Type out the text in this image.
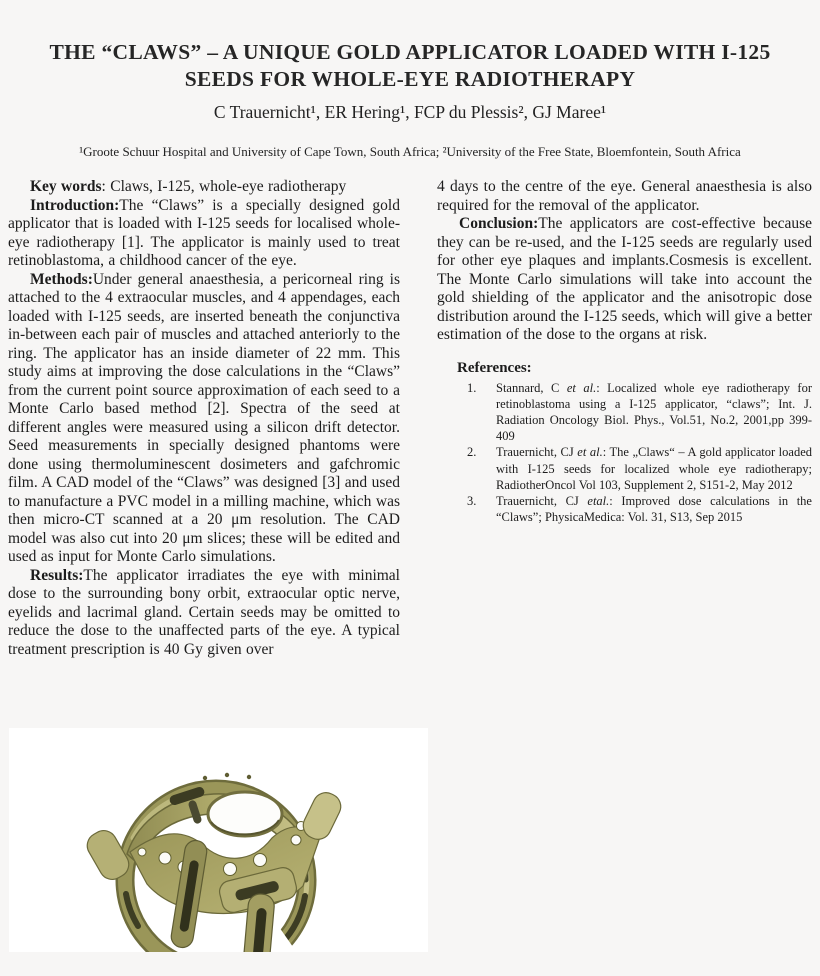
THE “CLAWS” – A UNIQUE GOLD APPLICATOR LOADED WITH I-125
SEEDS FOR WHOLE-EYE RADIOTHERAPY
C Trauernicht¹, ER Hering¹, FCP du Plessis², GJ Maree¹
¹Groote Schuur Hospital and University of Cape Town, South Africa; ²University of the Free State, Bloemfontein, South Africa

Key words: Claws, I-125, whole-eye radiotherapy

Introduction:The “Claws” is a specially designed gold applicator that is loaded with I-125 seeds for localised whole-eye radiotherapy [1]. The applicator is mainly used to treat retinoblastoma, a childhood cancer of the eye.

Methods:Under general anaesthesia, a pericorneal ring is attached to the 4 extraocular muscles, and 4 appendages, each loaded with I-125 seeds, are inserted beneath the conjunctiva in-between each pair of muscles and attached anteriorly to the ring. The applicator has an inside diameter of 22 mm. This study aims at improving the dose calculations in the “Claws” from the current point source approximation of each seed to a Monte Carlo based method [2]. Spectra of the seed at different angles were measured using a silicon drift detector. Seed measurements in specially designed phantoms were done using thermoluminescent dosimeters and gafchromic film. A CAD model of the “Claws” was designed [3] and used to manufacture a PVC model in a milling machine, which was then micro-CT scanned at a 20 μm resolution. The CAD model was also cut into 20 μm slices; these will be edited and used as input for Monte Carlo simulations.

Results:The applicator irradiates the eye with minimal dose to the surrounding bony orbit, extraocular optic nerve, eyelids and lacrimal gland. Certain seeds may be omitted to reduce the dose to the unaffected parts of the eye. A typical treatment prescription is 40 Gy given over

4 days to the centre of the eye. General anaesthesia is also required for the removal of the applicator.

Conclusion:The applicators are cost-effective because they can be re-used, and the I-125 seeds are regularly used for other eye plaques and implants.Cosmesis is excellent. The Monte Carlo simulations will take into account the gold shielding of the applicator and the anisotropic dose distribution around the I-125 seeds, which will give a better estimation of the dose to the organs at risk.

References:
1. Stannard, C et al.: Localized whole eye radiotherapy for retinoblastoma using a I-125 applicator, “claws”; Int. J. Radiation Oncology Biol. Phys., Vol.51, No.2, 2001,pp 399-409
2. Trauernicht, CJ et al.: The „Claws“ – A gold applicator loaded with I-125 seeds for localized whole eye radiotherapy; RadiotherOncol Vol 103, Supplement 2, S151-2, May 2012
3. Trauernicht, CJ etal.: Improved dose calculations in the “Claws”; PhysicaMedica: Vol. 31, S13, Sep 2015
